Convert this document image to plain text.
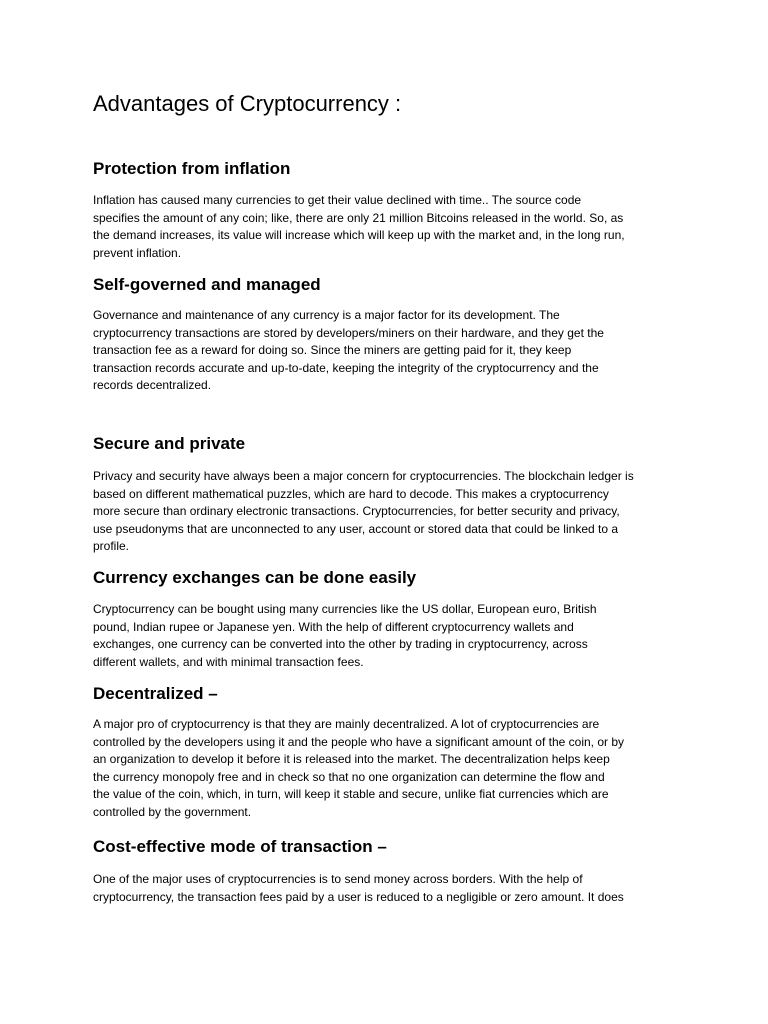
Advantages of Cryptocurrency :
Protection from inflation
Inflation has caused many currencies to get their value declined with time.. The source code
specifies the amount of any coin; like, there are only 21 million Bitcoins released in the world. So, as
the demand increases, its value will increase which will keep up with the market and, in the long run,
prevent inflation.
Self-governed and managed
Governance and maintenance of any currency is a major factor for its development. The
cryptocurrency transactions are stored by developers/miners on their hardware, and they get the
transaction fee as a reward for doing so. Since the miners are getting paid for it, they keep
transaction records accurate and up-to-date, keeping the integrity of the cryptocurrency and the
records decentralized.
Secure and private
Privacy and security have always been a major concern for cryptocurrencies. The blockchain ledger is
based on different mathematical puzzles, which are hard to decode. This makes a cryptocurrency
more secure than ordinary electronic transactions. Cryptocurrencies, for better security and privacy,
use pseudonyms that are unconnected to any user, account or stored data that could be linked to a
profile.
Currency exchanges can be done easily
Cryptocurrency can be bought using many currencies like the US dollar, European euro, British
pound, Indian rupee or Japanese yen. With the help of different cryptocurrency wallets and
exchanges, one currency can be converted into the other by trading in cryptocurrency, across
different wallets, and with minimal transaction fees.
Decentralized –
A major pro of cryptocurrency is that they are mainly decentralized. A lot of cryptocurrencies are
controlled by the developers using it and the people who have a significant amount of the coin, or by
an organization to develop it before it is released into the market. The decentralization helps keep
the currency monopoly free and in check so that no one organization can determine the flow and
the value of the coin, which, in turn, will keep it stable and secure, unlike fiat currencies which are
controlled by the government.
Cost-effective mode of transaction –
One of the major uses of cryptocurrencies is to send money across borders. With the help of
cryptocurrency, the transaction fees paid by a user is reduced to a negligible or zero amount. It does
